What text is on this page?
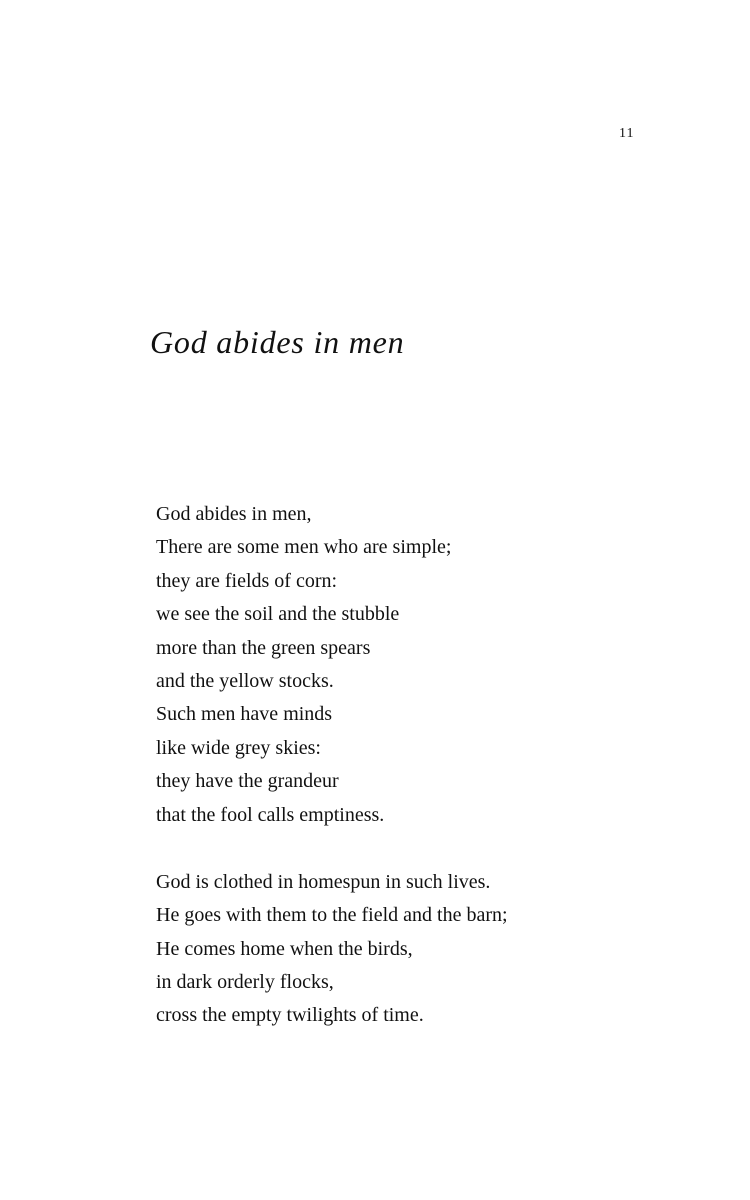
11
God abides in men

God abides in men,
There are some men who are simple;
they are fields of corn:
we see the soil and the stubble
more than the green spears
and the yellow stocks.
Such men have minds
like wide grey skies:
they have the grandeur
that the fool calls emptiness.

God is clothed in homespun in such lives.
He goes with them to the field and the barn;
He comes home when the birds,
in dark orderly flocks,
cross the empty twilights of time.
